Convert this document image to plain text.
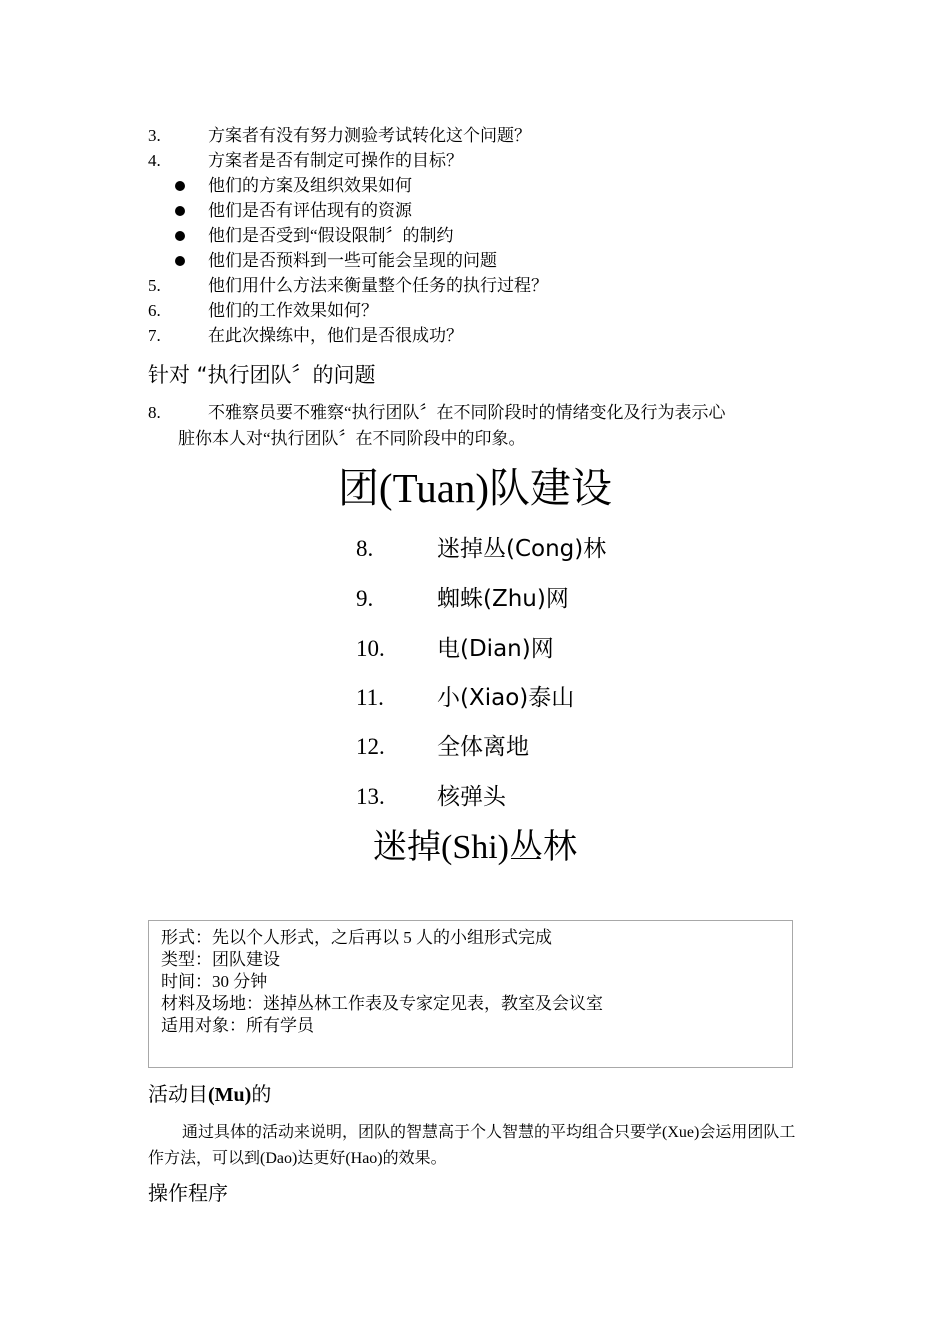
3.	方案者有没有努力测验考试转化这个问题？
4.	方案者是否有制定可操作的目标？
他们的方案及组织效果如何
他们是否有评估现有的资源
他们是否受到“假设限制〞的制约
他们是否预料到一些可能会呈现的问题
5.	他们用什么方法来衡量整个任务的执行过程？
6.	他们的工作效果如何？
7.	在此次操练中，他们是否很成功？
针对 “执行团队〞的问题
8.	不雅察员要不雅察“执行团队〞在不同阶段时的情绪变化及行为表示心
脏你本人对“执行团队〞在不同阶段中的印象。
团(Tuan)队建设
8.	迷掉丛(Cong)林
9.	蜘蛛(Zhu)网
10. 电(Dian)网
11. 小(Xiao)泰山
12. 全体离地
13. 核弹头
迷掉(Shi)丛林
形式：先以个人形式，之后再以 5 人的小组形式完成
类型：团队建设
时间：30 分钟
材料及场地：迷掉丛林工作表及专家定见表，教室及会议室
适用对象：所有学员
活动目(Mu)的
通过具体的活动来说明，团队的智慧高于个人智慧的平均组合只要学(Xue)会运用团队工作方法，可以到(Dao)达更好(Hao)的效果。
操作程序
